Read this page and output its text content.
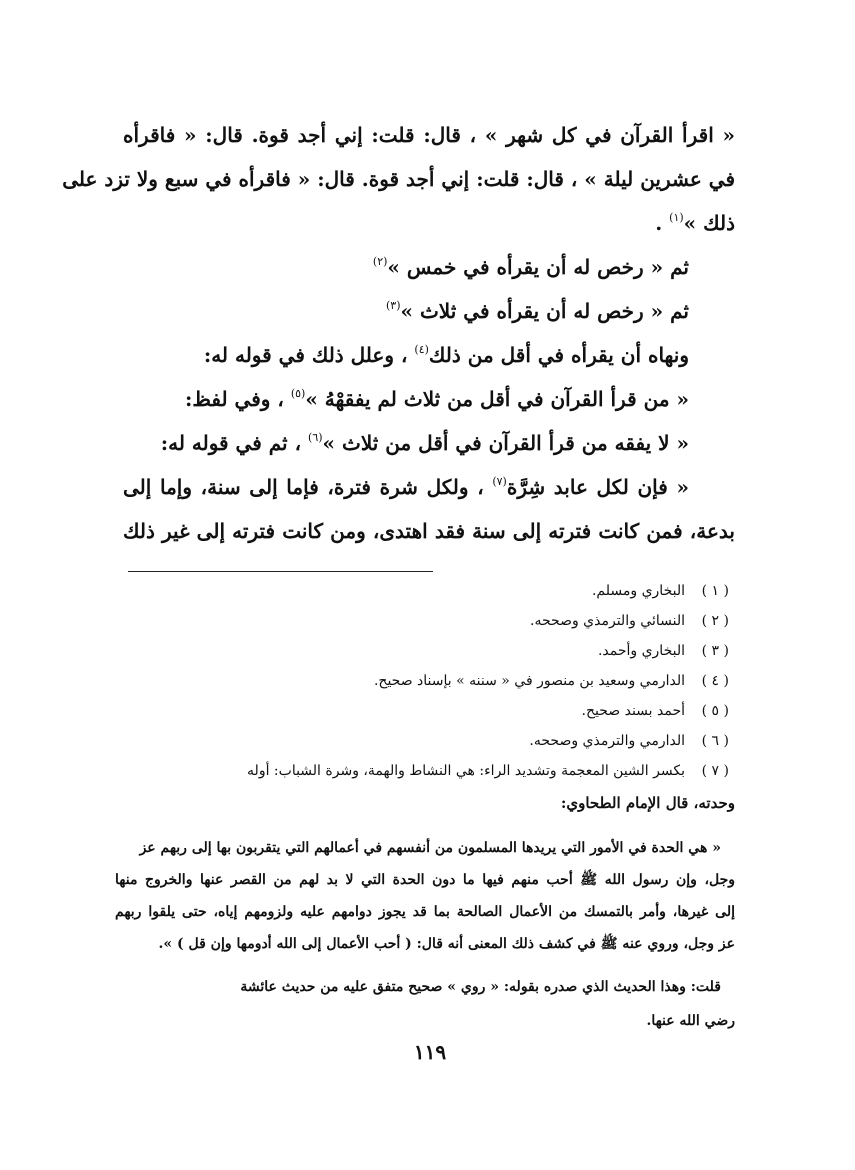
« اقرأ القرآن في كل شهر » ، قال: قلت: إني أجد قوة. قال: « فاقرأه
في عشرين ليلة » ، قال: قلت: إني أجد قوة. قال: « فاقرأه في سبع ولا تزد على
ذلك »$^{(١)}$ .
ثم « رخص له أن يقرأه في خمس »$^{(٢)}$
ثم « رخص له أن يقرأه في ثلاث »$^{(٣)}$
ونهاه أن يقرأه في أقل من ذلك$^{(٤)}$ ، وعلل ذلك في قوله له:
« من قرأ القرآن في أقل من ثلاث لم يفقهْهُ »$^{(٥)}$ ، وفي لفظ:
« لا يفقه من قرأ القرآن في أقل من ثلاث »$^{(٦)}$ ، ثم في قوله له:
« فإن لكل عابد شِرَّة$^{(٧)}$ ، ولكل شرة فترة، فإما إلى سنة، وإما إلى
بدعة، فمن كانت فترته إلى سنة فقد اهتدى، ومن كانت فترته إلى غير ذلك
( ١ )البخاري ومسلم.
( ٢ )النسائي والترمذي وصححه.
( ٣ )البخاري وأحمد.
( ٤ )الدارمي وسعيد بن منصور في « سننه » بإسناد صحيح.
( ٥ )أحمد بسند صحيح.
( ٦ )الدارمي والترمذي وصححه.
( ٧ )بكسر الشين المعجمة وتشديد الراء: هي النشاط والهمة، وشرة الشباب: أوله
وحدته، قال الإمام الطحاوي:
« هي الحدة في الأمور التي يريدها المسلمون من أنفسهم في أعمالهم التي يتقربون بها إلى ربهم عز
وجل، وإن رسول الله ﷺ أحب منهم فيها ما دون الحدة التي لا بد لهم من القصر عنها والخروج منها
إلى غيرها، وأمر بالتمسك من الأعمال الصالحة بما قد يجوز دوامهم عليه ولزومهم إياه، حتى يلقوا ربهم
عز وجل، وروي عنه ﷺ في كشف ذلك المعنى أنه قال: ( أحب الأعمال إلى الله أدومها وإن قل ) ».
قلت: وهذا الحديث الذي صدره بقوله: « روي » صحيح متفق عليه من حديث عائشة
رضي الله عنها.
١١٩
